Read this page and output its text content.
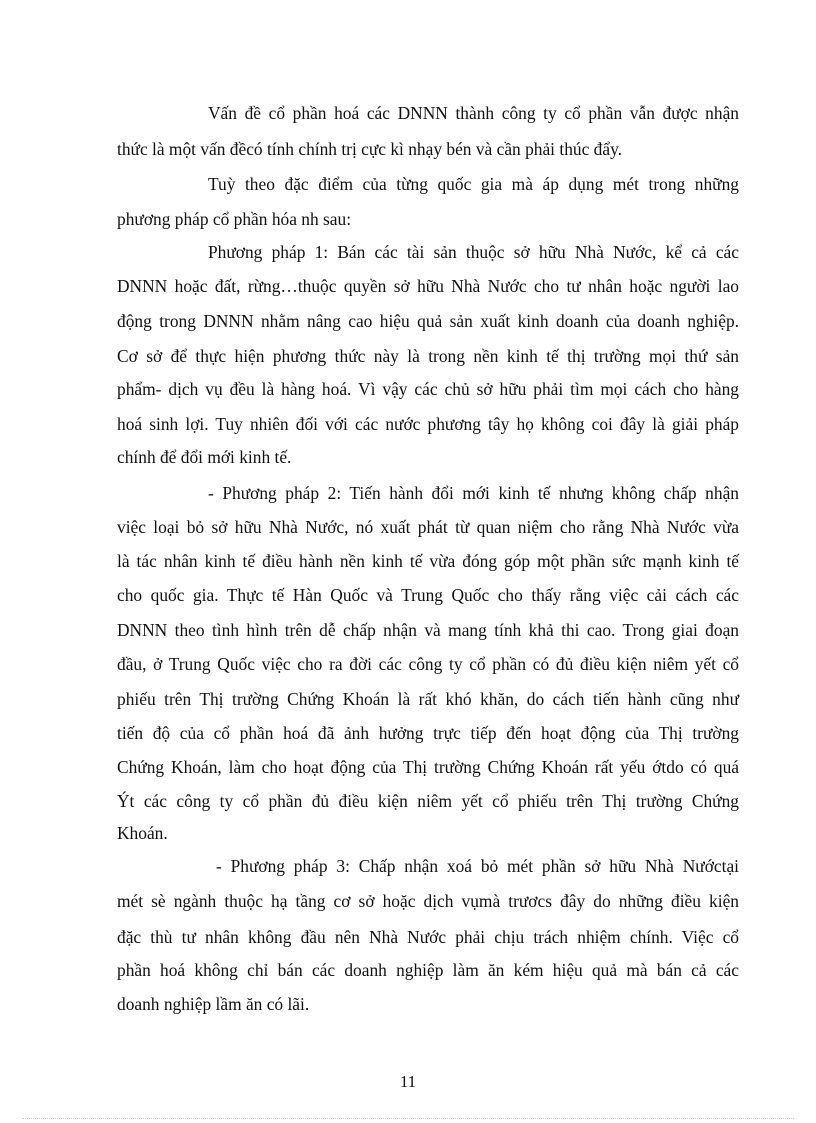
Vấn đề cổ phần hoá các DNNN thành công ty cổ phần vẫn được nhận
thức là một vấn đềcó tính chính trị cực kì nhạy bén và cần phải thúc đẩy.
Tuỳ theo đặc điểm của từng quốc gia mà áp dụng mét trong những
phương pháp cổ phần hóa nh sau:
Phương pháp 1: Bán các tài sản thuộc sở hữu Nhà Nước, kể cả các
DNNN hoặc đất, rừng…thuộc quyền sở hữu Nhà Nước cho tư nhân hoặc người lao
động trong DNNN nhằm nâng cao hiệu quả sản xuất kinh doanh của doanh nghiệp.
Cơ sở để thực hiện phương thức này là trong nền kinh tế thị trường mọi thứ sản
phẩm- dịch vụ đều là hàng hoá. Vì vậy các chủ sở hữu phải tìm mọi cách cho hàng
hoá sinh lợi. Tuy nhiên đối với các nước phương tây họ không coi đây là giải pháp
chính để đổi mới kinh tế.
- Phương pháp 2: Tiến hành đổi mới kinh tế nhưng không chấp nhận
việc loại bỏ sở hữu Nhà Nước, nó xuất phát từ quan niệm cho rằng Nhà Nước vừa
là tác nhân kinh tế điều hành nền kinh tế vừa đóng góp một phần sức mạnh kinh tế
cho quốc gia. Thực tế Hàn Quốc và Trung Quốc cho thấy rằng việc cải cách các
DNNN theo tình hình trên dễ chấp nhận và mang tính khả thi cao. Trong giai đoạn
đầu, ở Trung Quốc việc cho ra đời các công ty cổ phần có đủ điều kiện niêm yết cổ
phiếu trên Thị trường Chứng Khoán là rất khó khăn, do cách tiến hành cũng như
tiến độ của cổ phần hoá đã ảnh hưởng trực tiếp đến hoạt động của Thị trường
Chứng Khoán, làm cho hoạt động của Thị trường Chứng Khoán rất yếu ớtdo có quá
Ýt các công ty cổ phần đủ điều kiện niêm yết cổ phiếu trên Thị trường Chứng
Khoán.
- Phương pháp 3: Chấp nhận xoá bỏ mét phần sở hữu Nhà Nướctại
mét sè ngành thuộc hạ tầng cơ sở hoặc dịch vụmà trươcs đây do những điều kiện
đặc thù tư nhân không đầu nên Nhà Nước phải chịu trách nhiệm chính. Việc cổ
phần hoá không chỉ bán các doanh nghiệp làm ăn kém hiệu quả mà bán cả các
doanh nghiệp lầm ăn có lãi.
11
